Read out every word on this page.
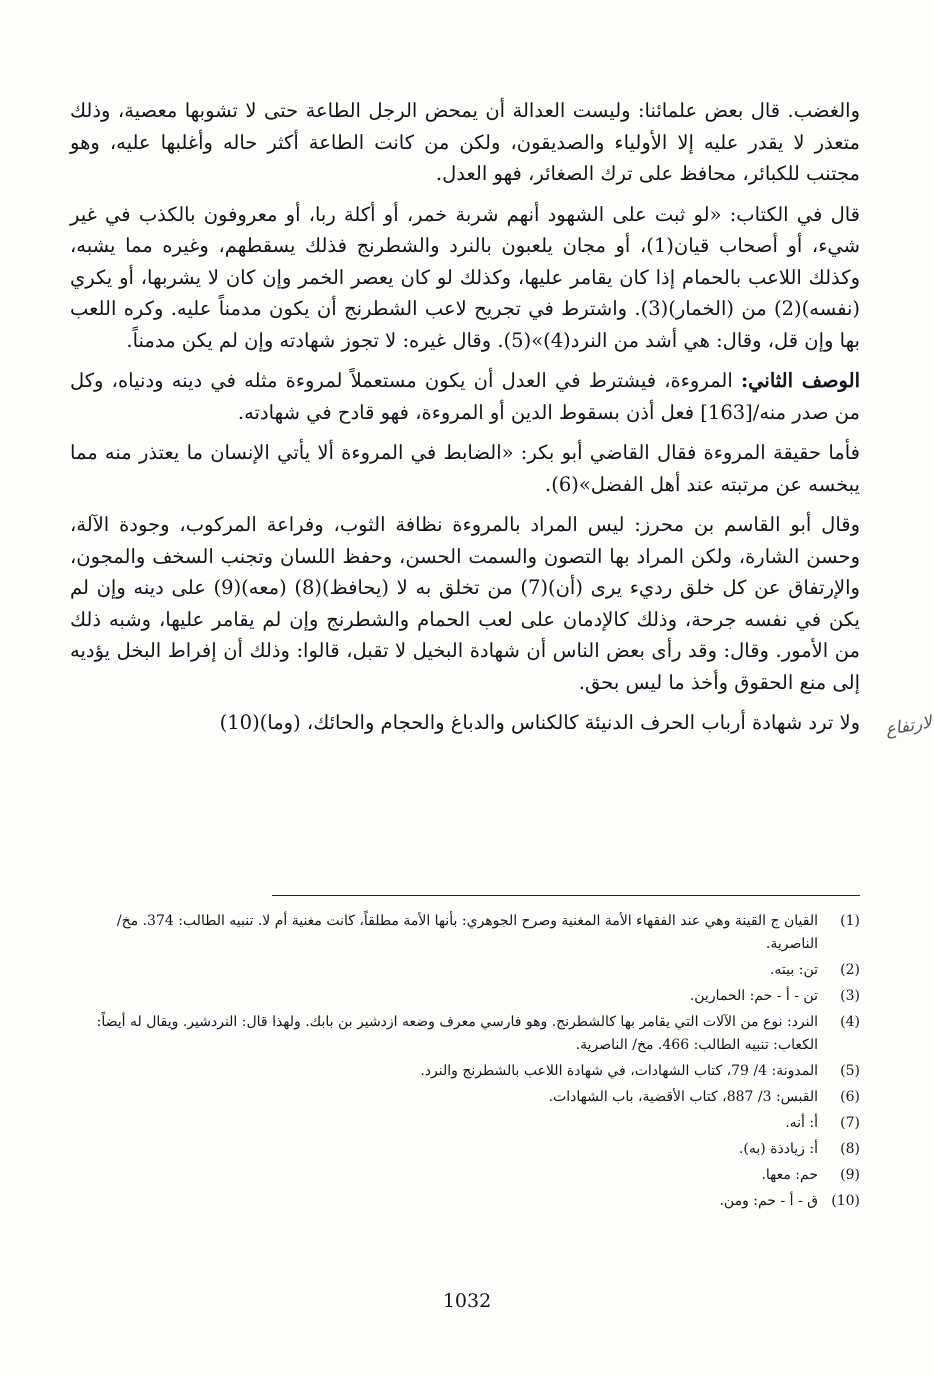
والغضب. قال بعض علمائنا: وليست العدالة أن يمحض الرجل الطاعة حتى لا تشوبها معصية، وذلك متعذر لا يقدر عليه إلا الأولياء والصديقون، ولكن من كانت الطاعة أكثر حاله وأغلبها عليه، وهو مجتنب للكبائر، محافظ على ترك الصغائر، فهو العدل.

قال في الكتاب: «لو ثبت على الشهود أنهم شربة خمر، أو أكلة ربا، أو معروفون بالكذب في غير شيء، أو أصحاب قيان(1)، أو مجان يلعبون بالنرد والشطرنج فذلك يسقطهم، وغيره مما يشبه، وكذلك اللاعب بالحمام إذا كان يقامر عليها، وكذلك لو كان يعصر الخمر وإن كان لا يشربها، أو يكري (نفسه)(2) من (الخمار)(3). واشترط في تجريح لاعب الشطرنج أن يكون مدمناً عليه. وكره اللعب بها وإن قل، وقال: هي أشد من النرد(4)»(5). وقال غيره: لا تجوز شهادته وإن لم يكن مدمناً.

الوصف الثاني: المروءة، فيشترط في العدل أن يكون مستعملاً لمروءة مثله في دينه ودنياه، وكل من صدر منه/[163] فعل أذن بسقوط الدين أو المروءة، فهو قادح في شهادته.

فأما حقيقة المروءة فقال القاضي أبو بكر: «الضابط في المروءة ألا يأتي الإنسان ما يعتذر منه مما يبخسه عن مرتبته عند أهل الفضل»(6).

وقال أبو القاسم بن محرز: ليس المراد بالمروءة نظافة الثوب، وفراعة المركوب، وجودة الآلة، وحسن الشارة، ولكن المراد بها التصون والسمت الحسن، وحفظ اللسان وتجنب السخف والمجون، والإرتفاق عن كل خلق رديء يرى (أن)(7) من تخلق به لا (يحافظ)(8) (معه)(9) على دينه وإن لم يكن في نفسه جرحة، وذلك كالإدمان على لعب الحمام والشطرنج وإن لم يقامر عليها، وشبه ذلك من الأمور. وقال: وقد رأى بعض الناس أن شهادة البخيل لا تقبل، قالوا: وذلك أن إفراط البخل يؤديه إلى منع الحقوق وأخذ ما ليس بحق.

ولا ترد شهادة أرباب الحرف الدنيئة كالكناس والدباغ والحجام والحائك، (وما)(10)	لارتفاع
(1)
القيان ج القينة وهي عند الفقهاء الأمة المغنية وصرح الجوهري: بأنها الأمة مطلقاً، كانت مغنية أم لا. تنبيه الطالب: 374. مخ/ الناصرية.
(2)
تن: بيته.
(3)
تن - أ - حم: الحمارين.
(4)
النرد: نوع من الآلات التي يقامر بها كالشطرنج. وهو فارسي معرف وضعه ازدشير بن بابك. ولهذا قال: النردشير. ويقال له أيضاً: الكعاب: تنبيه الطالب: 466. مخ/ الناصرية.
(5)
المدونة: 4/ 79، كتاب الشهادات، في شهادة اللاعب بالشطرنج والنرد.
(6)
القبس: 3/ 887، كتاب الأقضية، باب الشهادات.
(7)
أ: أنه.
(8)
أ: زيادذة (به).
(9)
حم: معها.
(10)
ق - أ - حم: ومن.
1032
